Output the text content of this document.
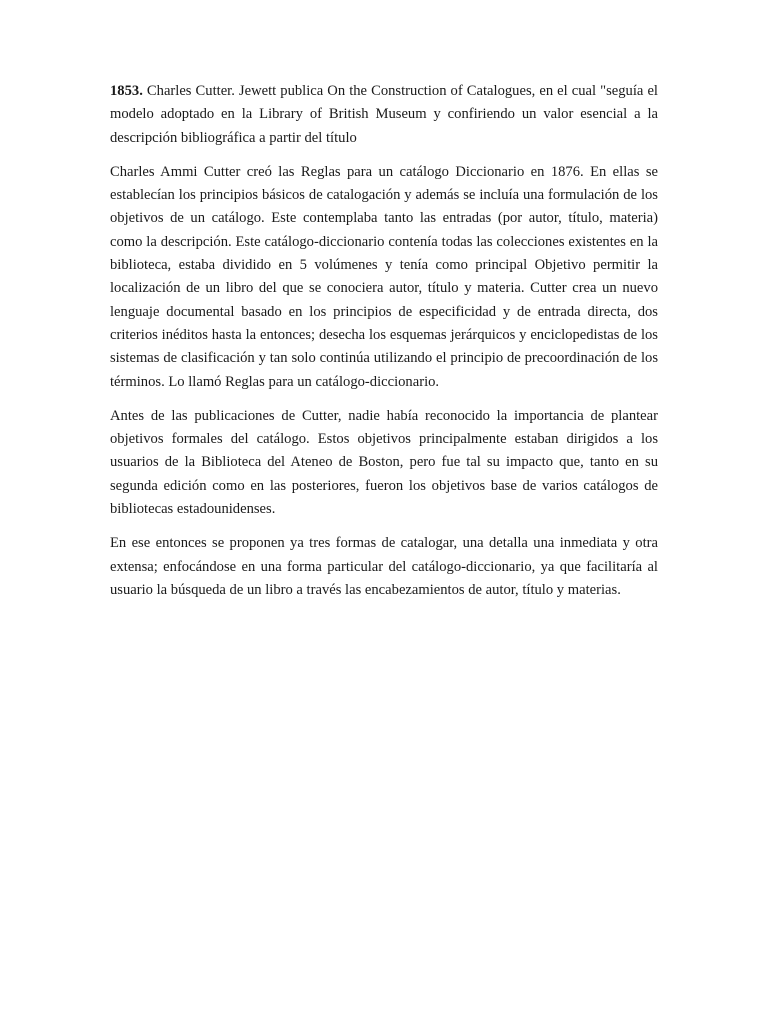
1853. Charles Cutter. Jewett publica On the Construction of Catalogues, en el cual "seguía el modelo adoptado en la Library of British Museum y confiriendo un valor esencial a la descripción bibliográfica a partir del título

Charles Ammi Cutter creó las Reglas para un catálogo Diccionario en 1876. En ellas se establecían los principios básicos de catalogación y además se incluía una formulación de los objetivos de un catálogo. Este contemplaba tanto las entradas (por autor, título, materia) como la descripción. Este catálogo-diccionario contenía todas las colecciones existentes en la biblioteca, estaba dividido en 5 volúmenes y tenía como principal Objetivo permitir la localización de un libro del que se conociera autor, título y materia. Cutter crea un nuevo lenguaje documental basado en los principios de especificidad y de entrada directa, dos criterios inéditos hasta la entonces; desecha los esquemas jerárquicos y enciclopedistas de los sistemas de clasificación y tan solo continúa utilizando el principio de precoordinación de los términos. Lo llamó Reglas para un catálogo-diccionario.

Antes de las publicaciones de Cutter, nadie había reconocido la importancia de plantear objetivos formales del catálogo. Estos objetivos principalmente estaban dirigidos a los usuarios de la Biblioteca del Ateneo de Boston, pero fue tal su impacto que, tanto en su segunda edición como en las posteriores, fueron los objetivos base de varios catálogos de bibliotecas estadounidenses.

En ese entonces se proponen ya tres formas de catalogar, una detalla una inmediata y otra extensa; enfocándose en una forma particular del catálogo-diccionario, ya que facilitaría al usuario la búsqueda de un libro a través las encabezamientos de autor, título y materias.
